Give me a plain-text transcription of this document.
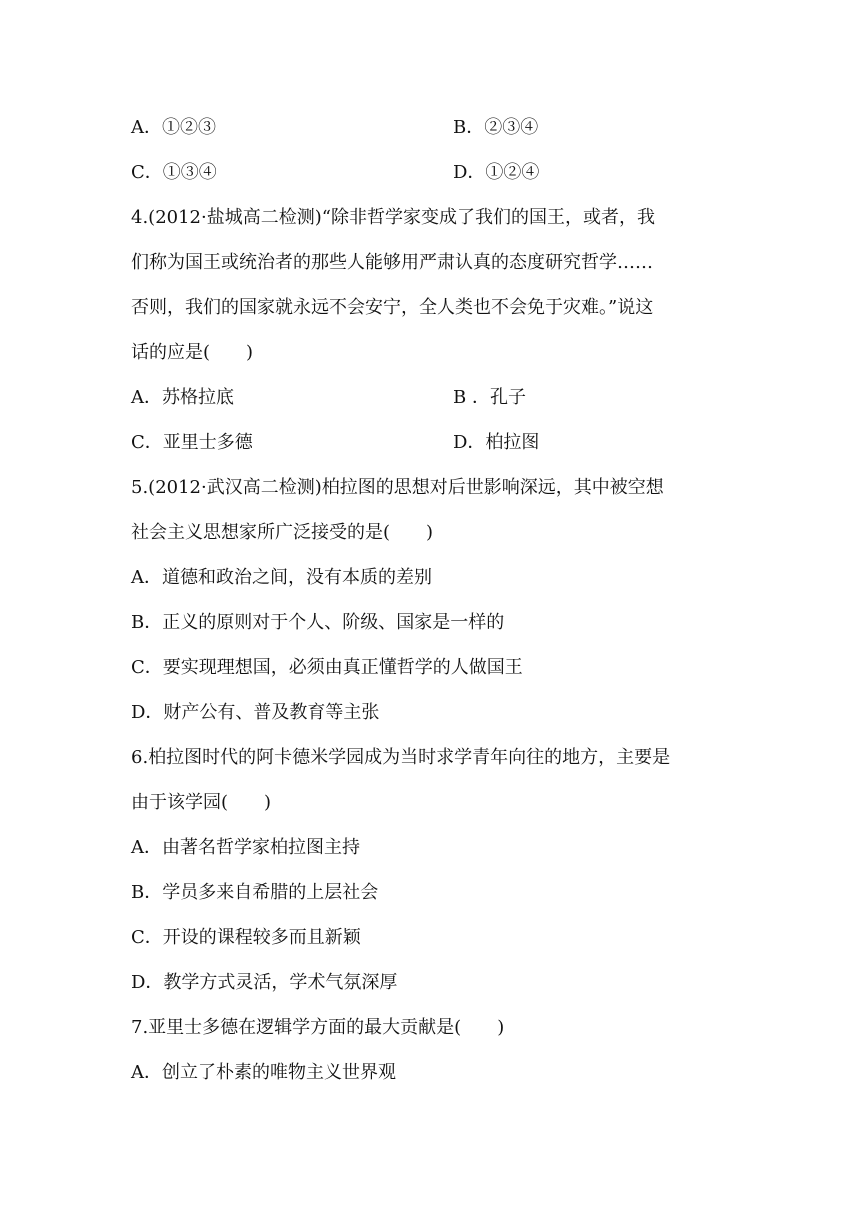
A．①②③	B．②③④
C．①③④	D．①②④
4.(2012·盐城高二检测)“除非哲学家变成了我们的国王，或者，我
们称为国王或统治者的那些人能够用严肃认真的态度研究哲学……
否则，我们的国家就永远不会安宁，全人类也不会免于灾难。”说这
话的应是(　　)
A．苏格拉底	B ．孔子
C．亚里士多德	D．柏拉图
5.(2012·武汉高二检测)柏拉图的思想对后世影响深远，其中被空想
社会主义思想家所广泛接受的是(　　)
A．道德和政治之间，没有本质的差别
B．正义的原则对于个人、阶级、国家是一样的
C．要实现理想国，必须由真正懂哲学的人做国王
D．财产公有、普及教育等主张
6.柏拉图时代的阿卡德米学园成为当时求学青年向往的地方，主要是
由于该学园(　　)
A．由著名哲学家柏拉图主持
B．学员多来自希腊的上层社会
C．开设的课程较多而且新颖
D．教学方式灵活，学术气氛深厚
7.亚里士多德在逻辑学方面的最大贡献是(　　)
A．创立了朴素的唯物主义世界观
